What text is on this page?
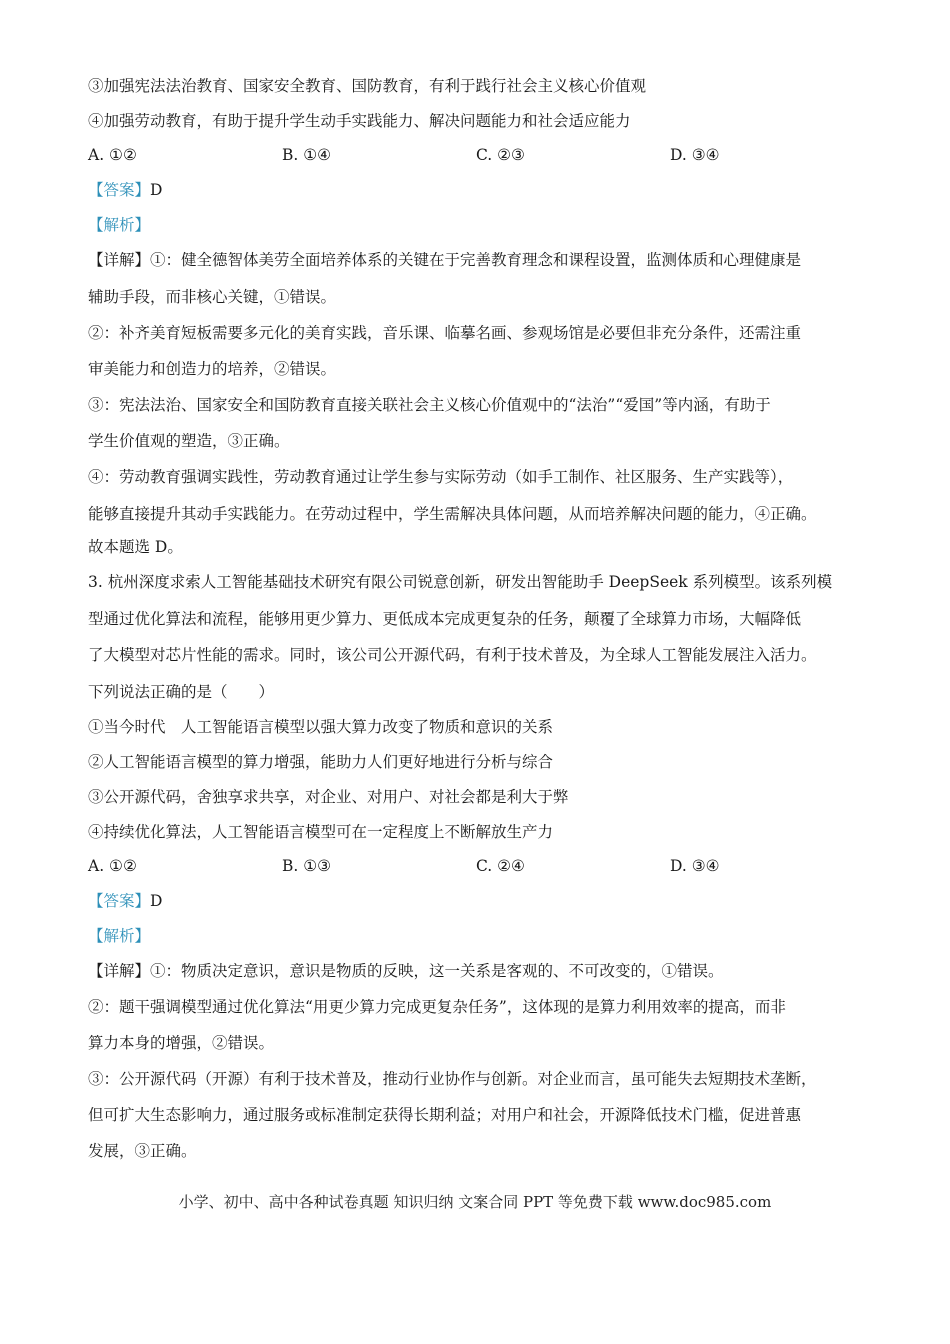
③加强宪法法治教育、国家安全教育、国防教育，有利于践行社会主义核心价值观
④加强劳动教育，有助于提升学生动手实践能力、解决问题能力和社会适应能力
A. ①②	B. ①④	C. ②③	D. ③④
【答案】D
【解析】
【详解】①：健全德智体美劳全面培养体系的关键在于完善教育理念和课程设置，监测体质和心理健康是
辅助手段，而非核心关键，①错误。
②：补齐美育短板需要多元化的美育实践，音乐课、临摹名画、参观场馆是必要但非充分条件，还需注重
审美能力和创造力的培养，②错误。
③：宪法法治、国家安全和国防教育直接关联社会主义核心价值观中的“法治”“爱国”等内涵，有助于
学生价值观的塑造，③正确。
④：劳动教育强调实践性，劳动教育通过让学生参与实际劳动（如手工制作、社区服务、生产实践等），
能够直接提升其动手实践能力。在劳动过程中，学生需解决具体问题，从而培养解决问题的能力，④正确。
故本题选 D。
3. 杭州深度求索人工智能基础技术研究有限公司锐意创新，研发出智能助手 DeepSeek 系列模型。该系列模
型通过优化算法和流程，能够用更少算力、更低成本完成更复杂的任务，颠覆了全球算力市场，大幅降低
了大模型对芯片性能的需求。同时，该公司公开源代码，有利于技术普及，为全球人工智能发展注入活力。
下列说法正确的是（　　）
①当今时代　人工智能语言模型以强大算力改变了物质和意识的关系
②人工智能语言模型的算力增强，能助力人们更好地进行分析与综合
③公开源代码，舍独享求共享，对企业、对用户、对社会都是利大于弊
④持续优化算法，人工智能语言模型可在一定程度上不断解放生产力
A. ①②	B. ①③	C. ②④	D. ③④
【答案】D
【解析】
【详解】①：物质决定意识，意识是物质的反映，这一关系是客观的、不可改变的，①错误。
②：题干强调模型通过优化算法“用更少算力完成更复杂任务”，这体现的是算力利用效率的提高，而非
算力本身的增强，②错误。
③：公开源代码（开源）有利于技术普及，推动行业协作与创新。对企业而言，虽可能失去短期技术垄断，
但可扩大生态影响力，通过服务或标准制定获得长期利益；对用户和社会，开源降低技术门槛，促进普惠
发展，③正确。
小学、初中、高中各种试卷真题 知识归纳 文案合同 PPT 等免费下载 www.doc985.com
